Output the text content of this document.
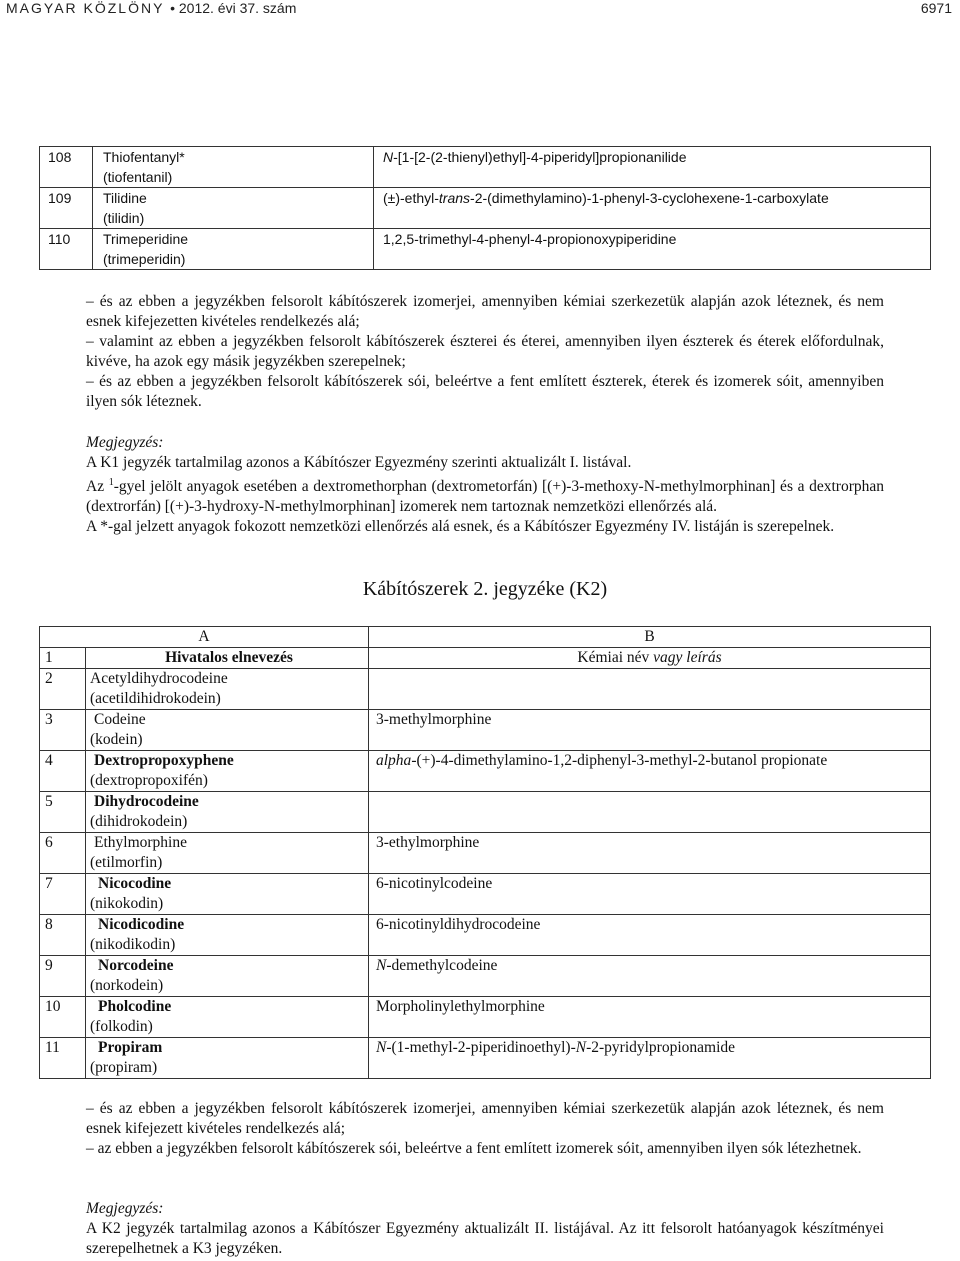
MAGYAR KÖZLÖNY • 2012. évi 37. szám	6971
108	Thiofentanyl*
(tiofentanil)	N-[1-[2-(2-thienyl)ethyl]-4-piperidyl]propionanilide
109	Tilidine
(tilidin)	(±)-ethyl-trans-2-(dimethylamino)-1-phenyl-3-cyclohexene-1-carboxylate
110	Trimeperidine
(trimeperidin)	1,2,5-trimethyl-4-phenyl-4-propionoxypiperidine
– és az ebben a jegyzékben felsorolt kábítószerek izomerjei, amennyiben kémiai szerkezetük alapján azok léteznek, és nem esnek kifejezetten kivételes rendelkezés alá;
– valamint az ebben a jegyzékben felsorolt kábítószerek észterei és éterei, amennyiben ilyen észterek és éterek előfordulnak, kivéve, ha azok egy másik jegyzékben szerepelnek;
– és az ebben a jegyzékben felsorolt kábítószerek sói, beleértve a fent említett észterek, éterek és izomerek sóit, amennyiben ilyen sók léteznek.
Megjegyzés:
A K1 jegyzék tartalmilag azonos a Kábítószer Egyezmény szerinti aktualizált I. listával.
Az $^1$-gyel jelölt anyagok esetében a dextromethorphan (dextrometorfán) [(+)-3-methoxy-N-methylmorphinan] és a dextrorphan (dextrorfán) [(+)-3-hydroxy-N-methylmorphinan] izomerek nem tartoznak nemzetközi ellenőrzés alá.
A *-gal jelzett anyagok fokozott nemzetközi ellenőrzés alá esnek, és a Kábítószer Egyezmény IV. listáján is szerepelnek.
Kábítószerek 2. jegyzéke (K2)
A		B
1	Hivatalos elnevezés	Kémiai név vagy leírás
2	Acetyldihydrocodeine
(acetildihidrokodein)	
3	Codeine
(kodein)	3-methylmorphine
4	Dextropropoxyphene
(dextropropoxifén)	alpha-(+)-4-dimethylamino-1,2-diphenyl-3-methyl-2-butanol propionate
5	Dihydrocodeine
(dihidrokodein)	
6	Ethylmorphine
(etilmorfin)	3-ethylmorphine
7	Nicocodine
(nikokodin)	6-nicotinylcodeine
8	Nicodicodine
(nikodikodin)	6-nicotinyldihydrocodeine
9	Norcodeine
(norkodein)	N-demethylcodeine
10	Pholcodine
(folkodin)	Morpholinylethylmorphine
11	Propiram
(propiram)	N-(1-methyl-2-piperidinoethyl)-N-2-pyridylpropionamide
– és az ebben a jegyzékben felsorolt kábítószerek izomerjei, amennyiben kémiai szerkezetük alapján azok léteznek, és nem esnek kifejezett kivételes rendelkezés alá;
– az ebben a jegyzékben felsorolt kábítószerek sói, beleértve a fent említett izomerek sóit, amennyiben ilyen sók létezhetnek.
Megjegyzés:
A K2 jegyzék tartalmilag azonos a Kábítószer Egyezmény aktualizált II. listájával. Az itt felsorolt hatóanyagok készítményei szerepelhetnek a K3 jegyzéken.
